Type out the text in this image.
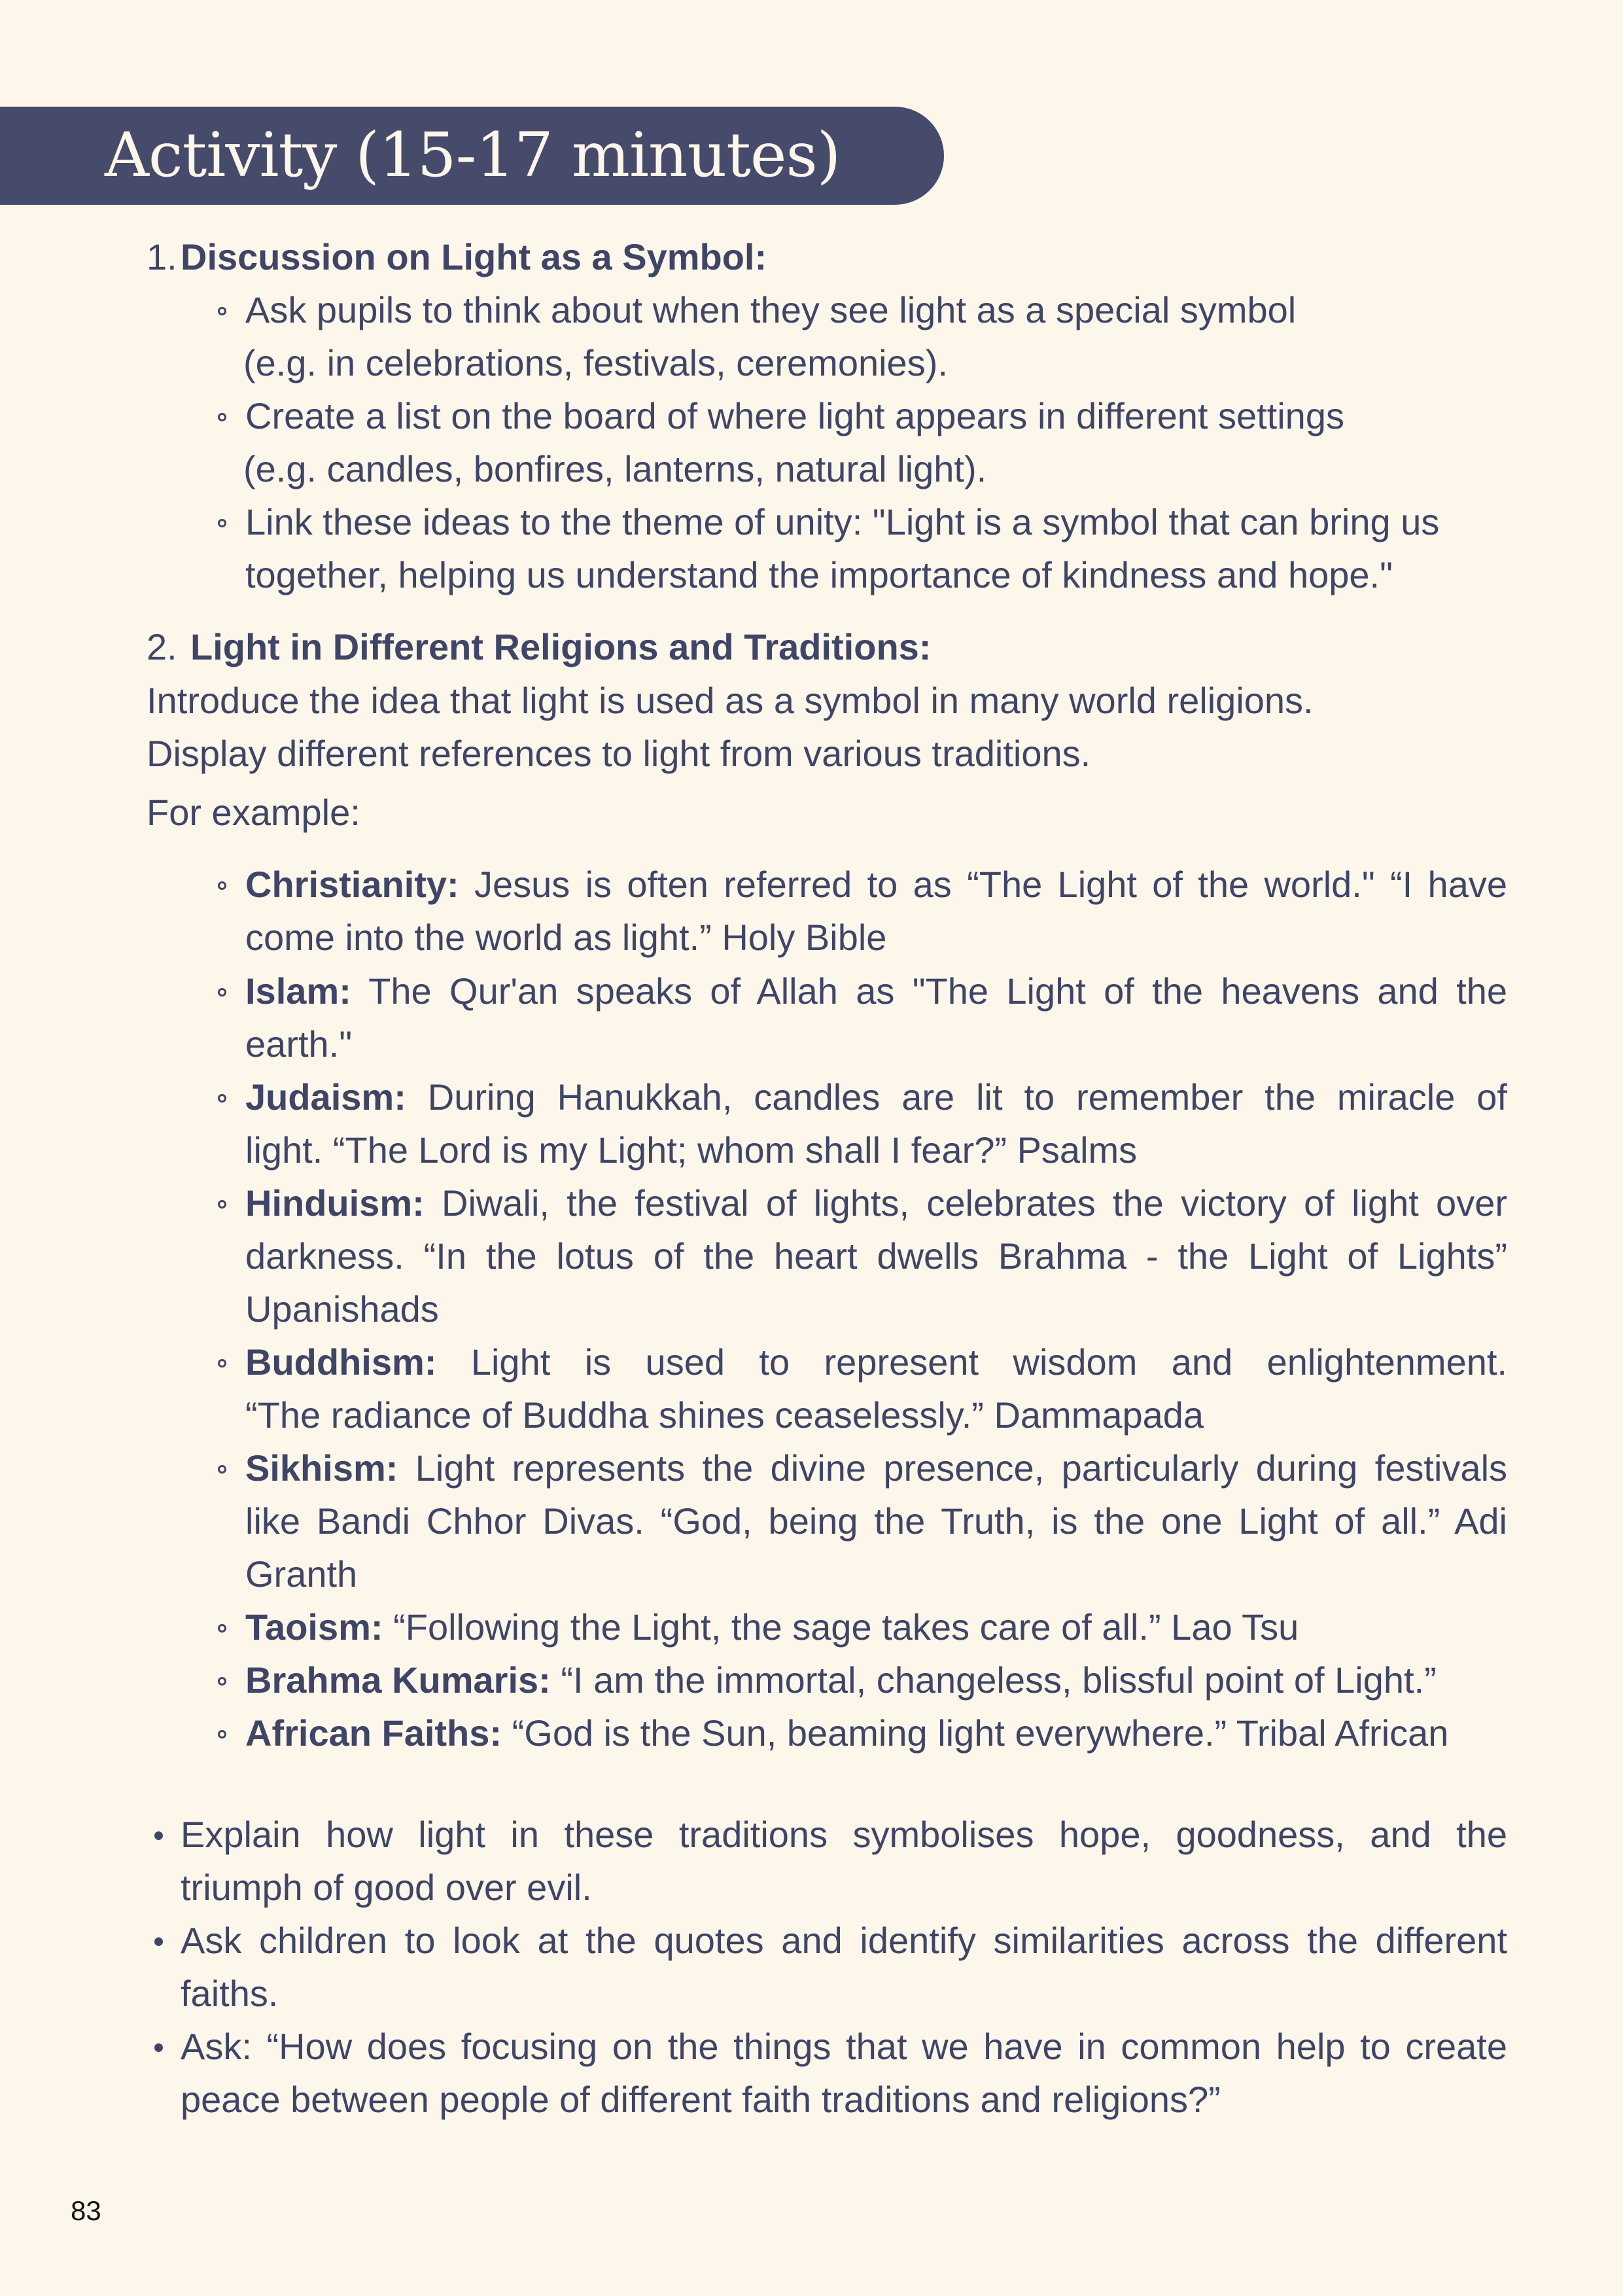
Activity (15-17 minutes)
1. Discussion on Light as a Symbol:
Ask pupils to think about when they see light as a special symbol
(e.g. in celebrations, festivals, ceremonies).
Create a list on the board of where light appears in different settings
(e.g. candles, bonfires, lanterns, natural light).
Link these ideas to the theme of unity: "Light is a symbol that can bring us
together, helping us understand the importance of kindness and hope."
2. Light in Different Religions and Traditions:
Introduce the idea that light is used as a symbol in many world religions.
Display different references to light from various traditions.
For example:
Christianity: Jesus is often referred to as “The Light of the world." “I have
come into the world as light.” Holy Bible
Islam: The Qur'an speaks of Allah as "The Light of the heavens and the
earth."
Judaism: During Hanukkah, candles are lit to remember the miracle of
light. “The Lord is my Light; whom shall I fear?” Psalms
Hinduism: Diwali, the festival of lights, celebrates the victory of light over
darkness. “In the lotus of the heart dwells Brahma - the Light of Lights”
Upanishads
Buddhism: Light is used to represent wisdom and enlightenment.
“The radiance of Buddha shines ceaselessly.” Dammapada
Sikhism: Light represents the divine presence, particularly during festivals
like Bandi Chhor Divas. “God, being the Truth, is the one Light of all.” Adi
Granth
Taoism: “Following the Light, the sage takes care of all.” Lao Tsu
Brahma Kumaris: “I am the immortal, changeless, blissful point of Light.”
African Faiths: “God is the Sun, beaming light everywhere.” Tribal African
Explain how light in these traditions symbolises hope, goodness, and the
triumph of good over evil.
Ask children to look at the quotes and identify similarities across the different
faiths.
Ask: “How does focusing on the things that we have in common help to create
peace between people of different faith traditions and religions?”
83
